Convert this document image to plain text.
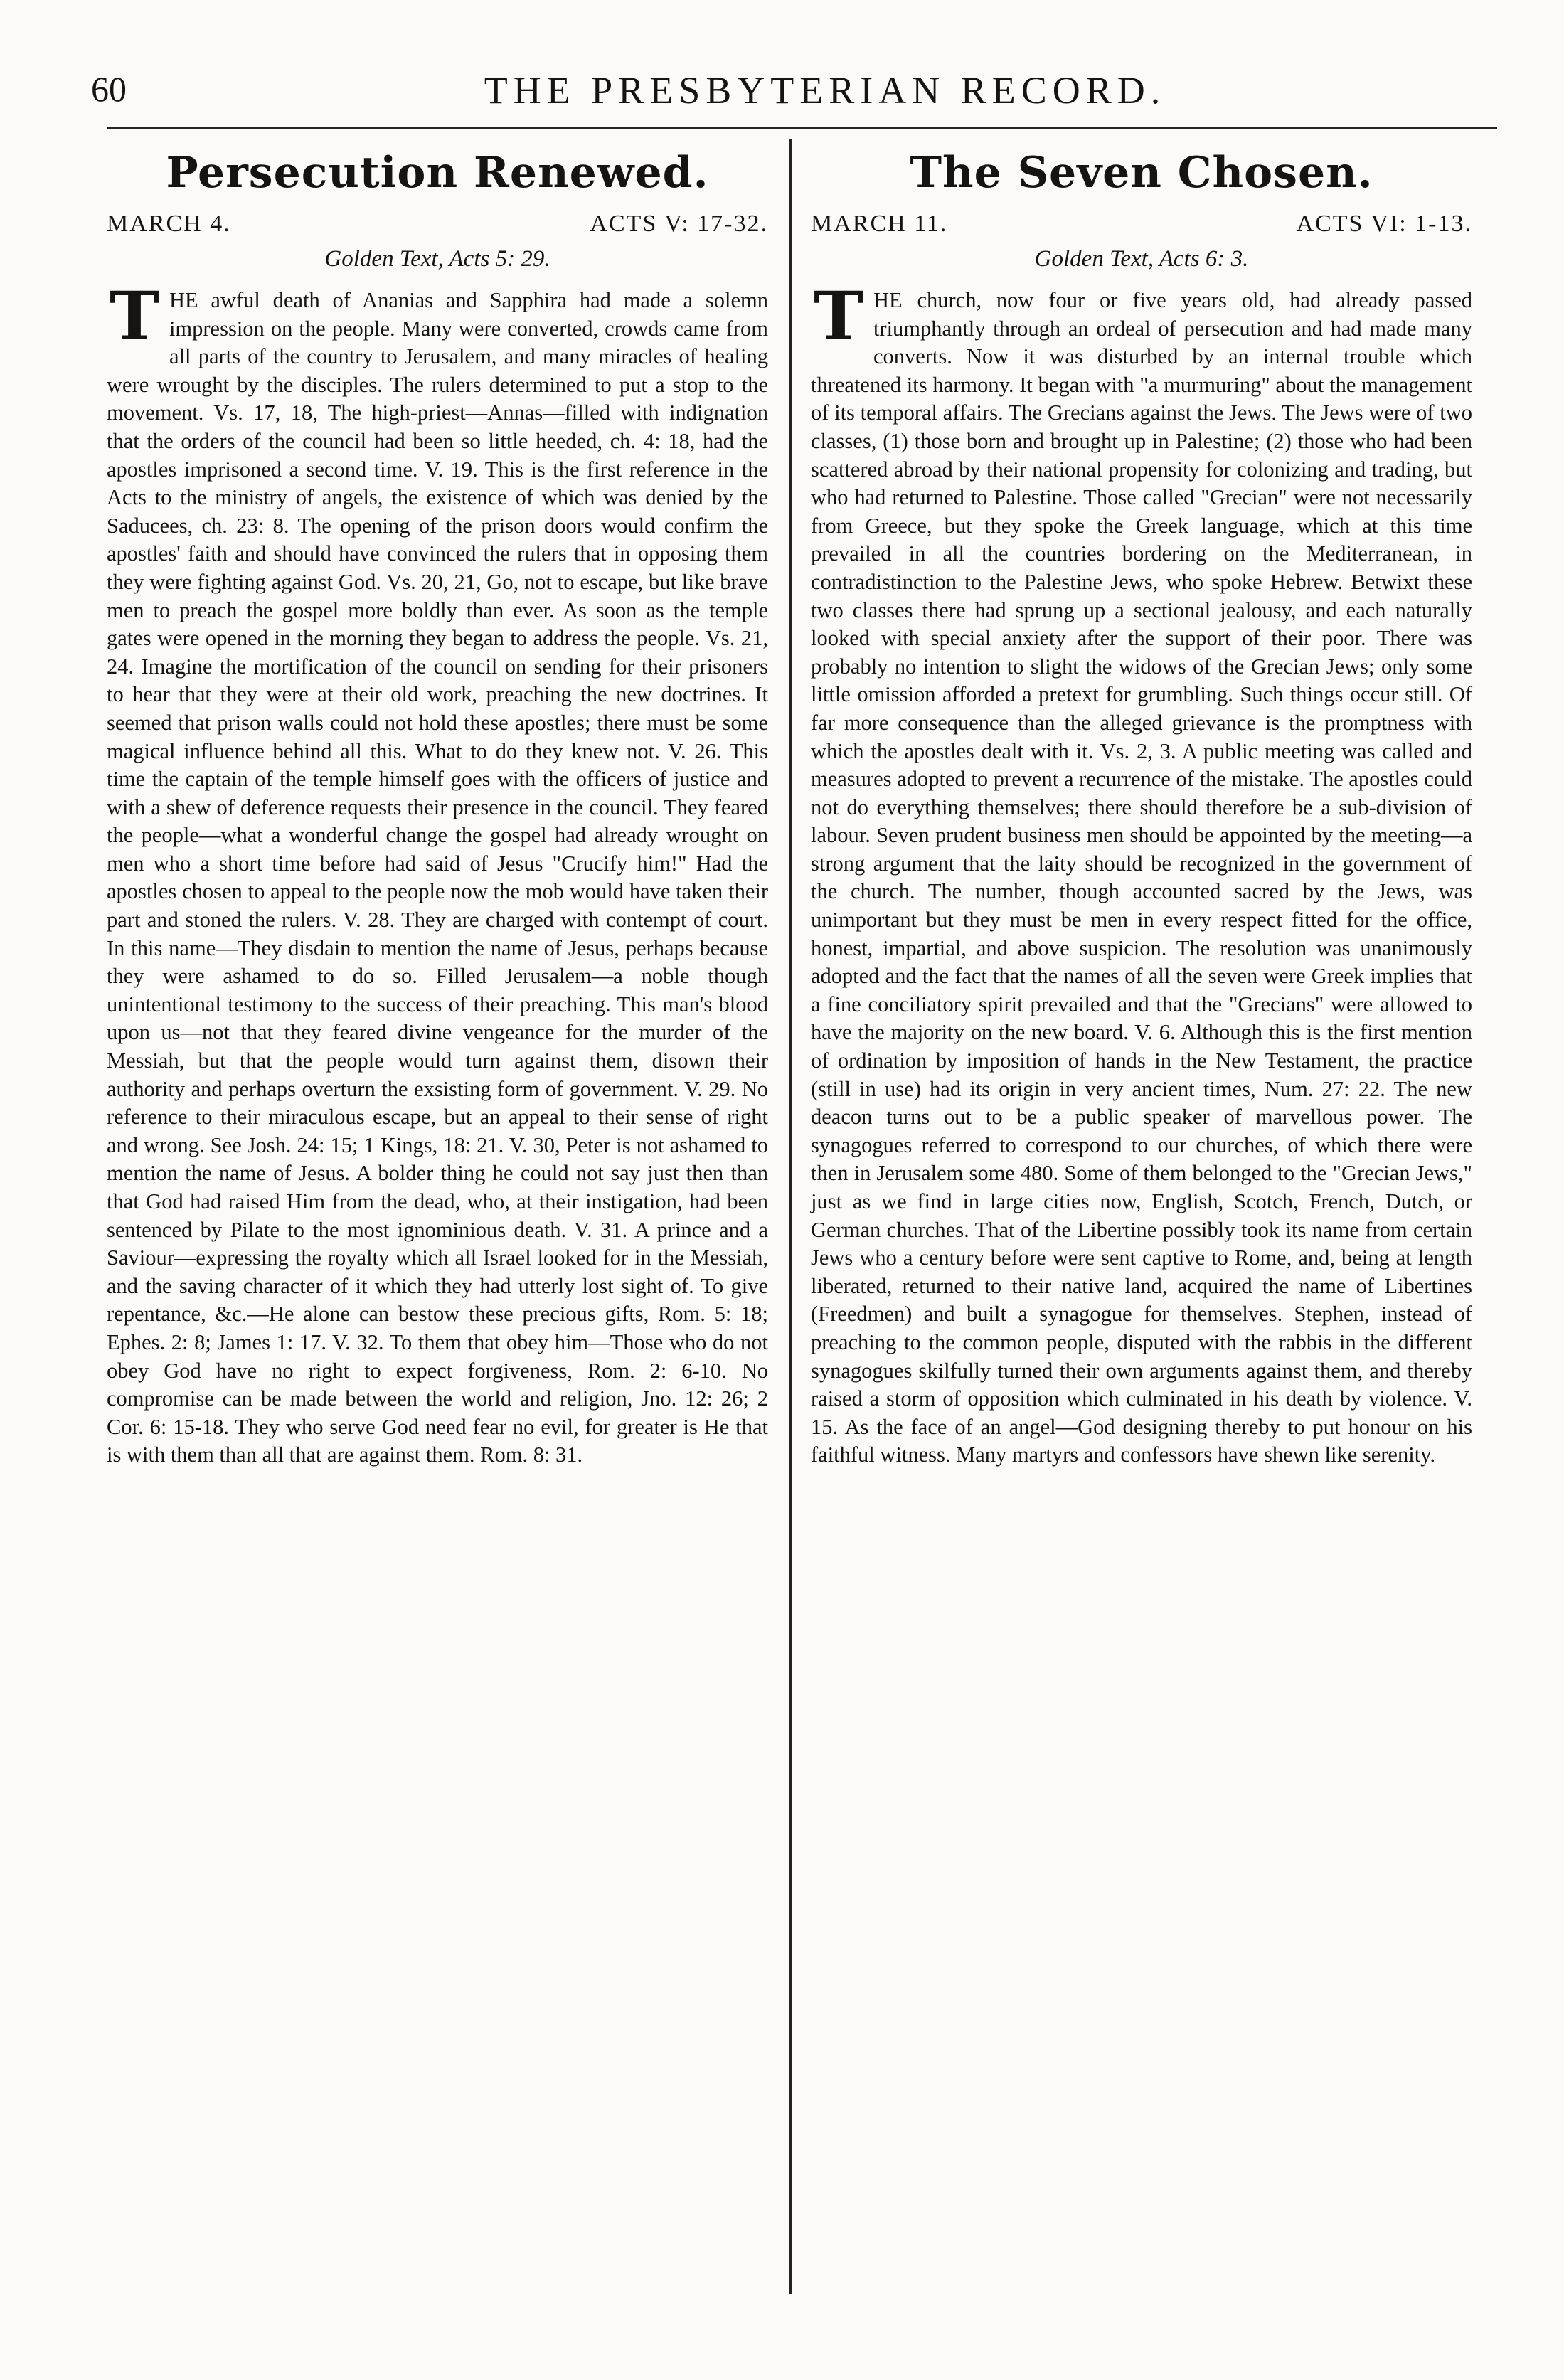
60	THE PRESBYTERIAN RECORD.
Persecution Renewed.
MARCH 4.	ACTS V: 17-32.
Golden Text, Acts 5: 29.

THE awful death of Ananias and Sapphira had made a solemn impression on the people. Many were converted, crowds came from all parts of the country to Jerusalem, and many miracles of healing were wrought by the disciples. The rulers determined to put a stop to the movement. Vs. 17, 18, The high-priest—Annas—filled with indignation that the orders of the council had been so little heeded, ch. 4: 18, had the apostles imprisoned a second time. V. 19. This is the first reference in the Acts to the ministry of angels, the existence of which was denied by the Saducees, ch. 23: 8. The opening of the prison doors would confirm the apostles' faith and should have convinced the rulers that in opposing them they were fighting against God. Vs. 20, 21, Go, not to escape, but like brave men to preach the gospel more boldly than ever. As soon as the temple gates were opened in the morning they began to address the people. Vs. 21, 24. Imagine the mortification of the council on sending for their prisoners to hear that they were at their old work, preaching the new doctrines. It seemed that prison walls could not hold these apostles; there must be some magical influence behind all this. What to do they knew not. V. 26. This time the captain of the temple himself goes with the officers of justice and with a shew of deference requests their presence in the council. They feared the people—what a wonderful change the gospel had already wrought on men who a short time before had said of Jesus "Crucify him!" Had the apostles chosen to appeal to the people now the mob would have taken their part and stoned the rulers. V. 28. They are charged with contempt of court. In this name—They disdain to mention the name of Jesus, perhaps because they were ashamed to do so. Filled Jerusalem—a noble though unintentional testimony to the success of their preaching. This man's blood upon us—not that they feared divine vengeance for the murder of the Messiah, but that the people would turn against them, disown their authority and perhaps overturn the exsisting form of government. V. 29. No reference to their miraculous escape, but an appeal to their sense of right and wrong. See Josh. 24: 15; 1 Kings, 18: 21. V. 30, Peter is not ashamed to mention the name of Jesus. A bolder thing he could not say just then than that God had raised Him from the dead, who, at their instigation, had been sentenced by Pilate to the most ignominious death. V. 31. A prince and a Saviour—expressing the royalty which all Israel looked for in the Messiah, and the saving character of it which they had utterly lost sight of. To give repentance, &c.—He alone can bestow these precious gifts, Rom. 5: 18; Ephes. 2: 8; James 1: 17. V. 32. To them that obey him—Those who do not obey God have no right to expect forgiveness, Rom. 2: 6-10. No compromise can be made between the world and religion, Jno. 12: 26; 2 Cor. 6: 15-18. They who serve God need fear no evil, for greater is He that is with them than all that are against them. Rom. 8: 31.

The Seven Chosen.
MARCH 11.	ACTS VI: 1-13.
Golden Text, Acts 6: 3.

THE church, now four or five years old, had already passed triumphantly through an ordeal of persecution and had made many converts. Now it was disturbed by an internal trouble which threatened its harmony. It began with "a murmuring" about the management of its temporal affairs. The Grecians against the Jews. The Jews were of two classes, (1) those born and brought up in Palestine; (2) those who had been scattered abroad by their national propensity for colonizing and trading, but who had returned to Palestine. Those called "Grecian" were not necessarily from Greece, but they spoke the Greek language, which at this time prevailed in all the countries bordering on the Mediterranean, in contradistinction to the Palestine Jews, who spoke Hebrew. Betwixt these two classes there had sprung up a sectional jealousy, and each naturally looked with special anxiety after the support of their poor. There was probably no intention to slight the widows of the Grecian Jews; only some little omission afforded a pretext for grumbling. Such things occur still. Of far more consequence than the alleged grievance is the promptness with which the apostles dealt with it. Vs. 2, 3. A public meeting was called and measures adopted to prevent a recurrence of the mistake. The apostles could not do everything themselves; there should therefore be a sub-division of labour. Seven prudent business men should be appointed by the meeting—a strong argument that the laity should be recognized in the government of the church. The number, though accounted sacred by the Jews, was unimportant but they must be men in every respect fitted for the office, honest, impartial, and above suspicion. The resolution was unanimously adopted and the fact that the names of all the seven were Greek implies that a fine conciliatory spirit prevailed and that the "Grecians" were allowed to have the majority on the new board. V. 6. Although this is the first mention of ordination by imposition of hands in the New Testament, the practice (still in use) had its origin in very ancient times, Num. 27: 22. The new deacon turns out to be a public speaker of marvellous power. The synagogues referred to correspond to our churches, of which there were then in Jerusalem some 480. Some of them belonged to the "Grecian Jews," just as we find in large cities now, English, Scotch, French, Dutch, or German churches. That of the Libertine possibly took its name from certain Jews who a century before were sent captive to Rome, and, being at length liberated, returned to their native land, acquired the name of Libertines (Freedmen) and built a synagogue for themselves. Stephen, instead of preaching to the common people, disputed with the rabbis in the different synagogues skilfully turned their own arguments against them, and thereby raised a storm of opposition which culminated in his death by violence. V. 15. As the face of an angel—God designing thereby to put honour on his faithful witness. Many martyrs and confessors have shewn like serenity.
